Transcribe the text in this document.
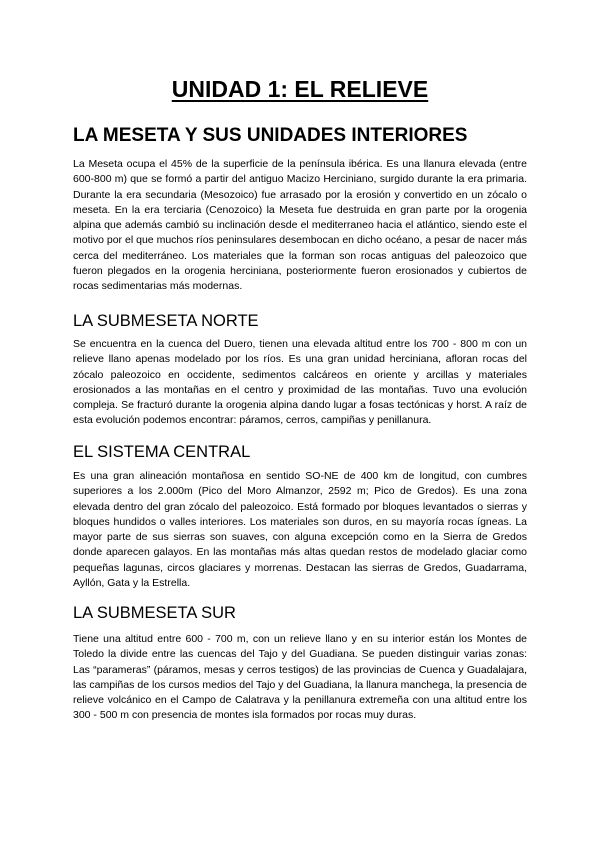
UNIDAD 1: EL RELIEVE
LA MESETA Y SUS UNIDADES INTERIORES

La Meseta ocupa el 45% de la superficie de la península ibérica. Es una llanura elevada (entre 600-800 m) que se formó a partir del antiguo Macizo Herciniano, surgido durante la era primaria. Durante la era secundaria (Mesozoico) fue arrasado por la erosión y convertido en un zócalo o meseta. En la era terciaria (Cenozoico) la Meseta fue destruida en gran parte por la orogenia alpina que además cambió su inclinación desde el mediterraneo hacia el atlántico, siendo este el motivo por el que muchos ríos peninsulares desembocan en dicho océano, a pesar de nacer más cerca del mediterráneo. Los materiales que la forman son rocas antiguas del paleozoico que fueron plegados en la orogenia herciniana, posteriormente fueron erosionados y cubiertos de rocas sedimentarias más modernas.

LA SUBMESETA NORTE

Se encuentra en la cuenca del Duero, tienen una elevada altitud entre los 700 - 800 m con un relieve llano apenas modelado por los ríos. Es una gran unidad herciniana, afloran rocas del zócalo paleozoico en occidente, sedimentos calcáreos en oriente y arcillas y materiales erosionados a las montañas en el centro y proximidad de las montañas. Tuvo una evolución compleja. Se fracturó durante la orogenia alpina dando lugar a fosas tectónicas y horst. A raíz de esta evolución podemos encontrar: páramos, cerros, campiñas y penillanura.

EL SISTEMA CENTRAL

Es una gran alineación montañosa en sentido SO-NE de 400 km de longitud, con cumbres superiores a los 2.000m (Pico del Moro Almanzor, 2592 m; Pico de Gredos). Es una zona elevada dentro del gran zócalo del paleozoico. Está formado por bloques levantados o sierras y bloques hundidos o valles interiores. Los materiales son duros, en su mayoría rocas ígneas. La mayor parte de sus sierras son suaves, con alguna excepción como en la Sierra de Gredos donde aparecen galayos. En las montañas más altas quedan restos de modelado glaciar como pequeñas lagunas, circos glaciares y morrenas. Destacan las sierras de Gredos, Guadarrama, Ayllón, Gata y la Estrella.

LA SUBMESETA SUR

Tiene una altitud entre 600 - 700 m, con un relieve llano y en su interior están los Montes de Toledo la divide entre las cuencas del Tajo y del Guadiana. Se pueden distinguir varias zonas: Las “parameras” (páramos, mesas y cerros testigos) de las provincias de Cuenca y Guadalajara, las campiñas de los cursos medios del Tajo y del Guadiana, la llanura manchega, la presencia de relieve volcánico en el Campo de Calatrava y la penillanura extremeña con una altitud entre los 300 - 500 m con presencia de montes isla formados por rocas muy duras.
